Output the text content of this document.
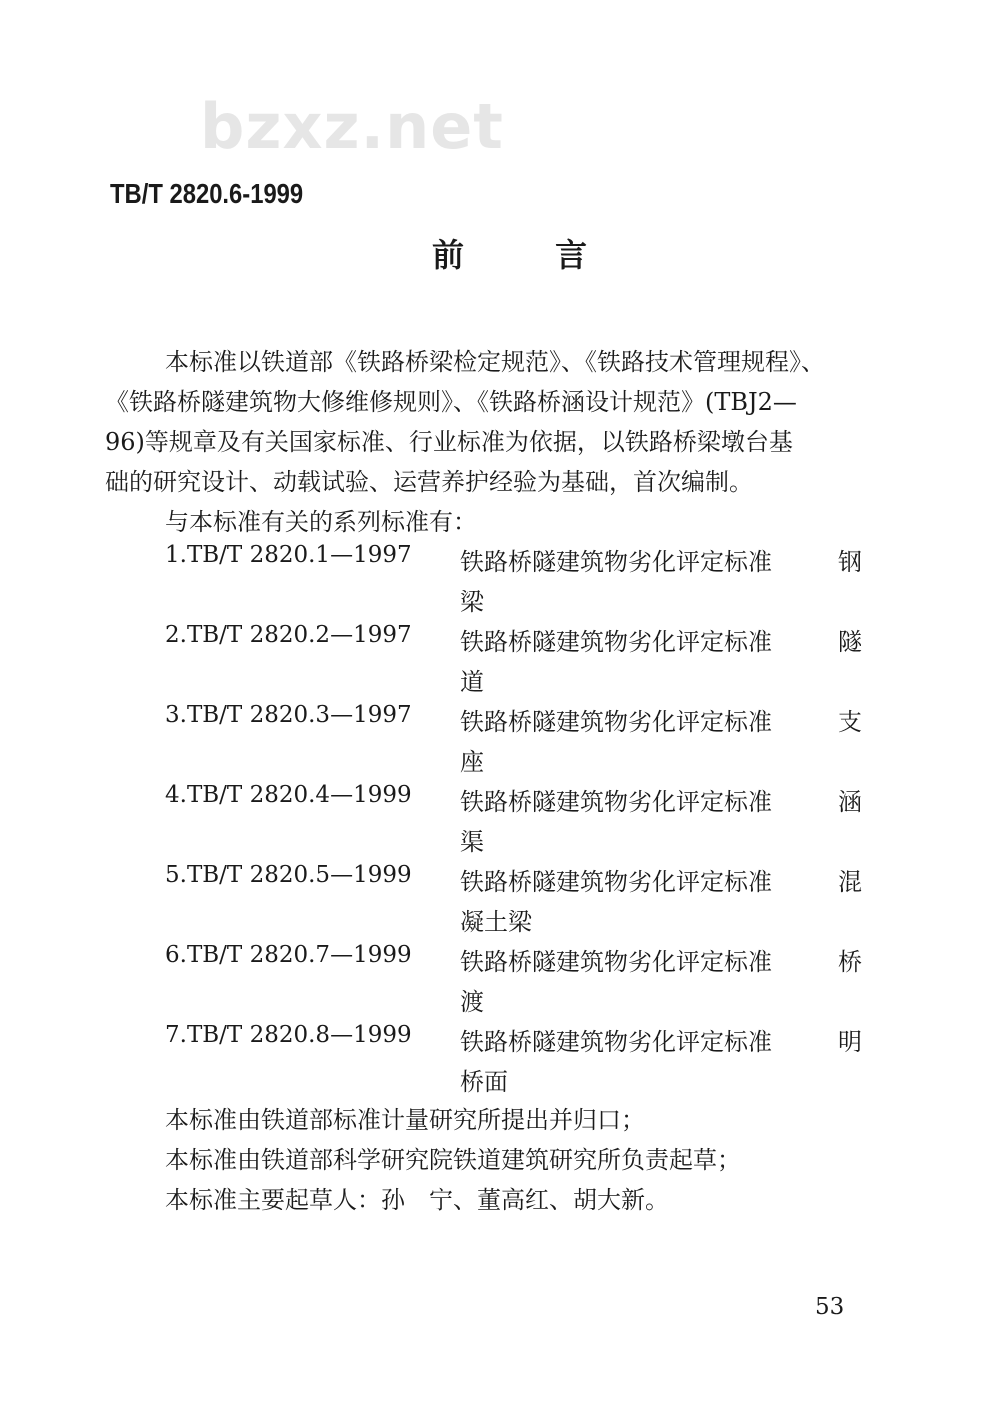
bzxz.net
TB/T 2820.6-1999
前 言
本标准以铁道部《铁路桥梁检定规范》、《铁路技术管理规程》、
《铁路桥隧建筑物大修维修规则》、《铁路桥涵设计规范》(TBJ2—
96)等规章及有关国家标准、行业标准为依据，以铁路桥梁墩台基
础的研究设计、动载试验、运营养护经验为基础，首次编制。
与本标准有关的系列标准有：
1.TB/T 2820.1—1997 铁路桥隧建筑物劣化评定标准	钢
梁
2.TB/T 2820.2—1997 铁路桥隧建筑物劣化评定标准	隧
道
3.TB/T 2820.3—1997 铁路桥隧建筑物劣化评定标准	支
座
4.TB/T 2820.4—1999 铁路桥隧建筑物劣化评定标准	涵
渠
5.TB/T 2820.5—1999 铁路桥隧建筑物劣化评定标准	混
凝土梁
6.TB/T 2820.7—1999 铁路桥隧建筑物劣化评定标准	桥
渡
7.TB/T 2820.8—1999 铁路桥隧建筑物劣化评定标准	明
桥面
本标准由铁道部标准计量研究所提出并归口；
本标准由铁道部科学研究院铁道建筑研究所负责起草；
本标准主要起草人：孙　宁、董高红、胡大新。
53
